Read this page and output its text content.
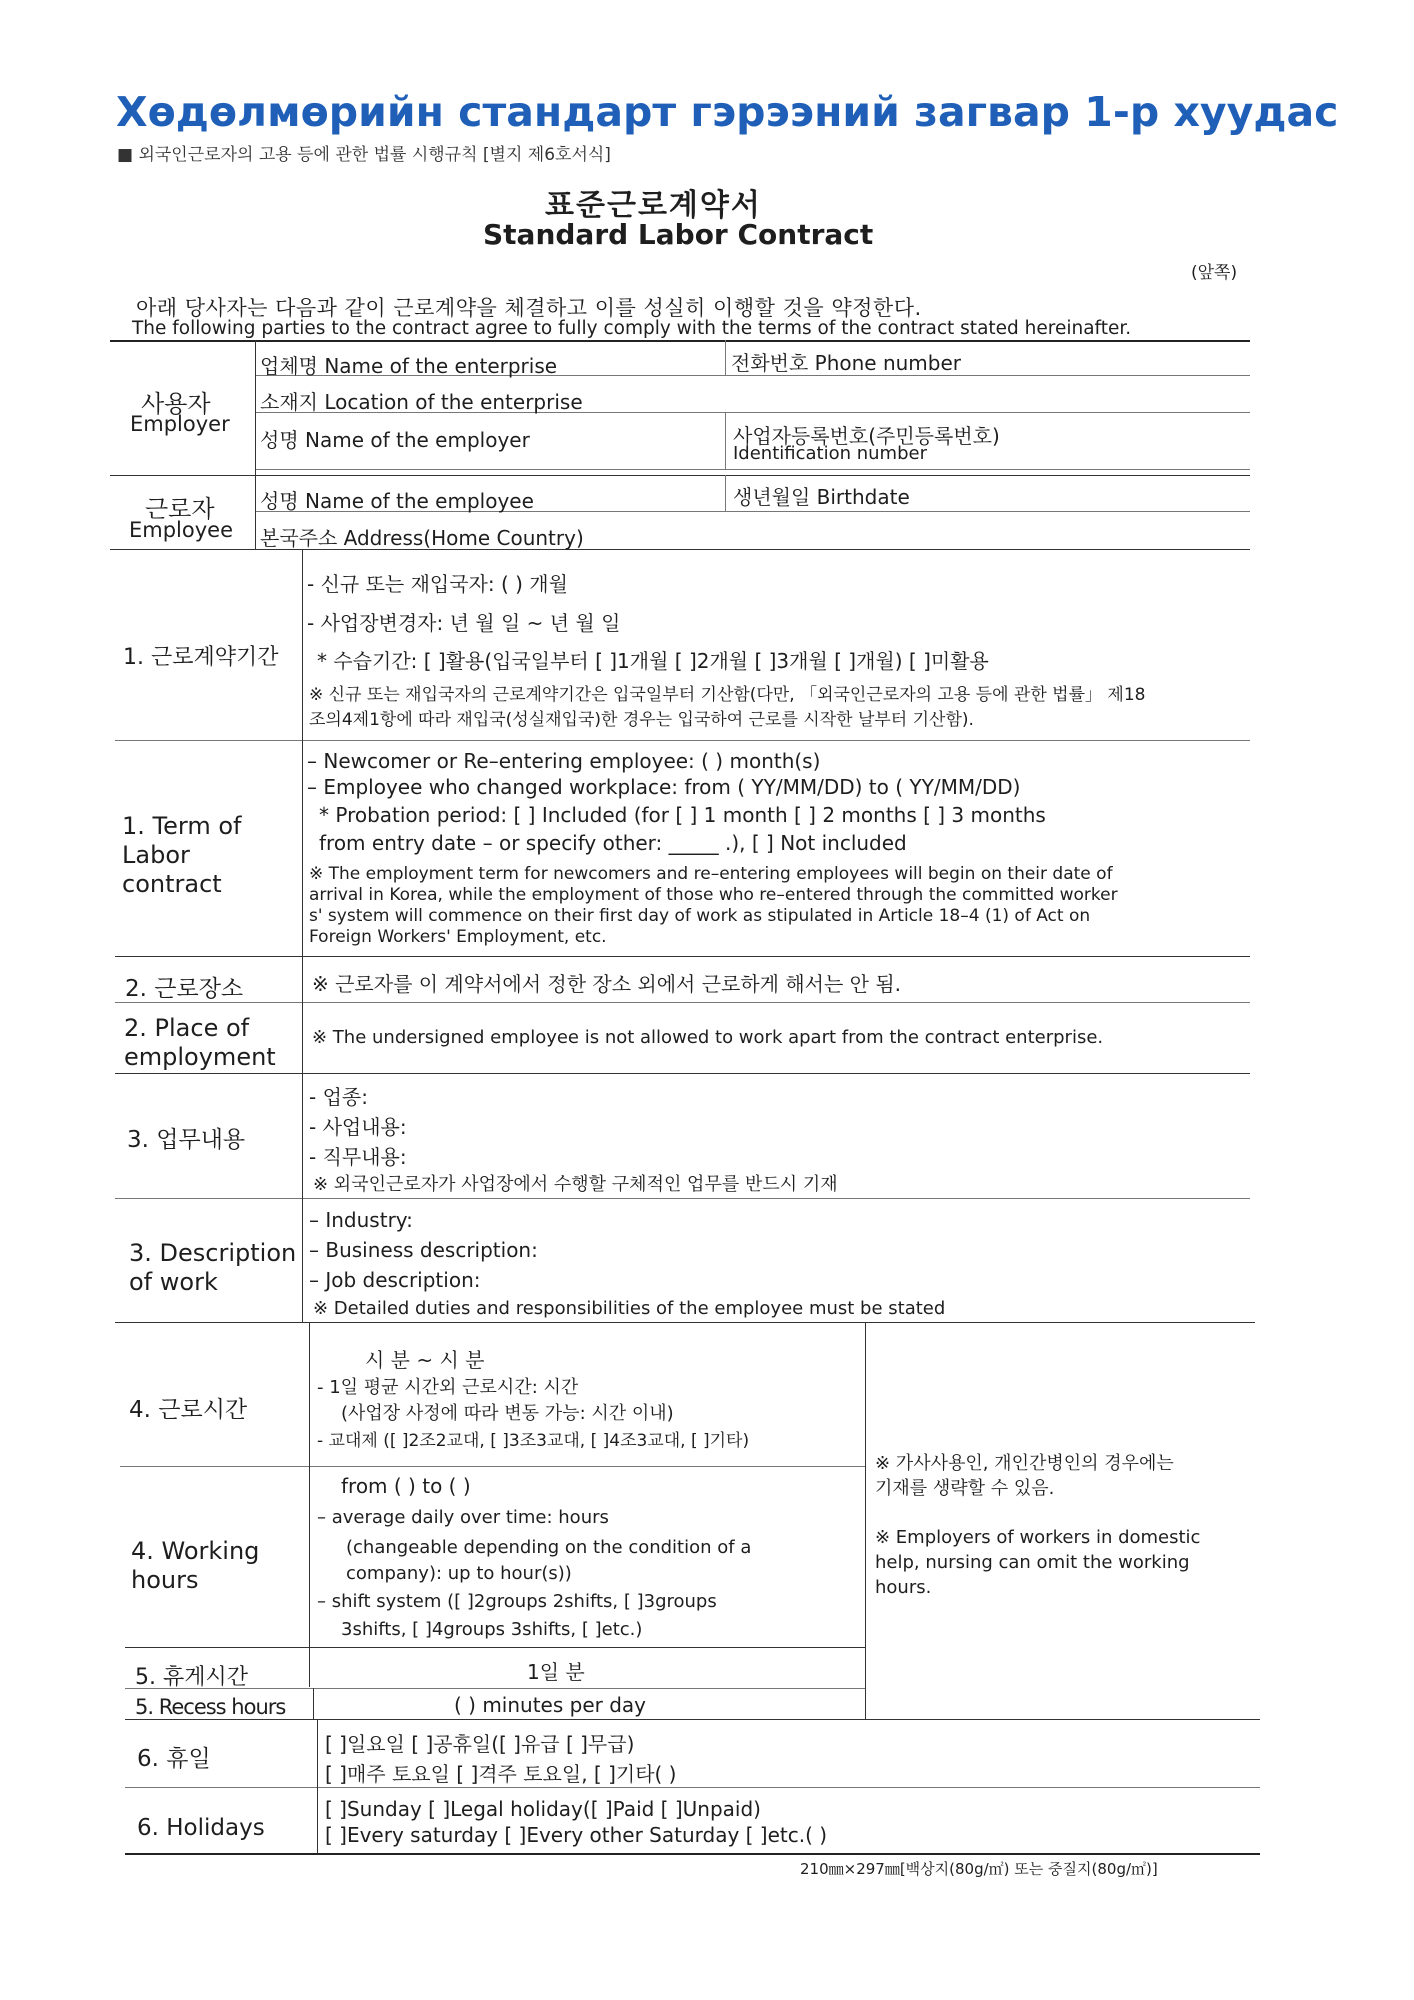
Хөдөлмөрийн стандарт гэрээний загвар 1-р хуудас
■ 외국인근로자의 고용 등에 관한 법률 시행규칙 [별지 제6호서식]
표준근로계약서
Standard Labor Contract
(앞쪽)
아래 당사자는 다음과 같이 근로계약을 체결하고 이를 성실히 이행할 것을 약정한다.
The following parties to the contract agree to fully comply with the terms of the contract stated hereinafter.
사용자
Employer
업체명 Name of the enterprise	전화번호 Phone number
소재지 Location of the enterprise
성명 Name of the employer	사업자등록번호(주민등록번호)
Identification number
근로자
Employee
성명 Name of the employee	생년월일 Birthdate
본국주소 Address(Home Country)
1. 근로계약기간
- 신규 또는 재입국자: ( ) 개월
- 사업장변경자: 년 월 일 ~ 년 월 일
* 수습기간: [ ]활용(입국일부터 [ ]1개월 [ ]2개월 [ ]3개월 [ ]개월) [ ]미활용
※ 신규 또는 재입국자의 근로계약기간은 입국일부터 기산함(다만, 「외국인근로자의 고용 등에 관한 법률」 제18
조의4제1항에 따라 재입국(성실재입국)한 경우는 입국하여 근로를 시작한 날부터 기산함).
1. Term of
Labor
contract
– Newcomer or Re–entering employee: ( ) month(s)
– Employee who changed workplace: from ( YY/MM/DD) to ( YY/MM/DD)
* Probation period: [ ] Included (for [ ] 1 month [ ] 2 months [ ] 3 months
from entry date – or specify other: _____ .), [ ] Not included
※ The employment term for newcomers and re–entering employees will begin on their date of
arrival in Korea, while the employment of those who re–entered through the committed worker
s' system will commence on their first day of work as stipulated in Article 18–4 (1) of Act on
Foreign Workers' Employment, etc.
2. 근로장소	※ 근로자를 이 계약서에서 정한 장소 외에서 근로하게 해서는 안 됨.
2. Place of
employment
※ The undersigned employee is not allowed to work apart from the contract enterprise.
3. 업무내용
- 업종:
- 사업내용:
- 직무내용:
※ 외국인근로자가 사업장에서 수행할 구체적인 업무를 반드시 기재
3. Description
of work
– Industry:
– Business description:
– Job description:
※ Detailed duties and responsibilities of the employee must be stated
4. 근로시간
시 분 ~ 시 분
- 1일 평균 시간외 근로시간: 시간
(사업장 사정에 따라 변동 가능: 시간 이내)
- 교대제 ([ ]2조2교대, [ ]3조3교대, [ ]4조3교대, [ ]기타)
4. Working
hours
from ( ) to ( )
– average daily over time: hours
(changeable depending on the condition of a
company): up to hour(s))
– shift system ([ ]2groups 2shifts, [ ]3groups
3shifts, [ ]4groups 3shifts, [ ]etc.)
※ 가사사용인, 개인간병인의 경우에는
기재를 생략할 수 있음.
※ Employers of workers in domestic
help, nursing can omit the working
hours.
5. 휴게시간	1일 분
5. Recess hours	( ) minutes per day
6. 휴일
[ ]일요일 [ ]공휴일([ ]유급 [ ]무급)
[ ]매주 토요일 [ ]격주 토요일, [ ]기타( )
6. Holidays
[ ]Sunday [ ]Legal holiday([ ]Paid [ ]Unpaid)
[ ]Every saturday [ ]Every other Saturday [ ]etc.( )
210㎜×297㎜[백상지(80g/㎡) 또는 중질지(80g/㎡)]
